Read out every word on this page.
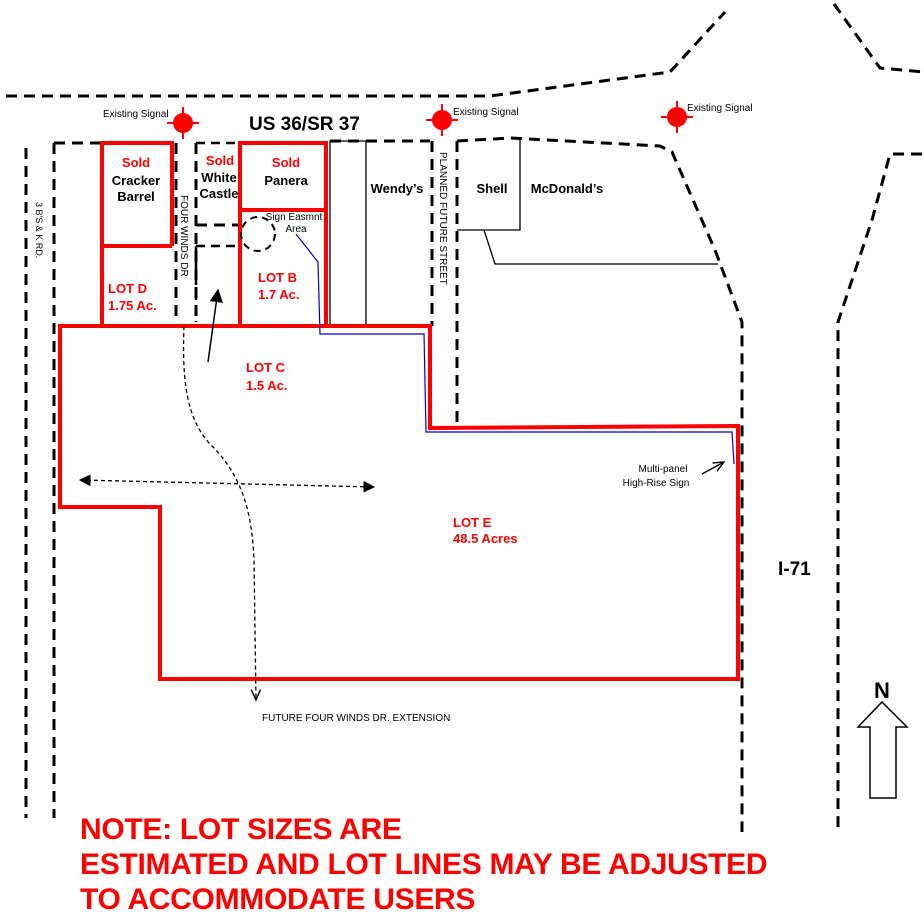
N
US 36/SR 37
Existing Signal	Existing Signal	Existing Signal
3 B'S & K RD.	FOUR WINDS DR	PLANNED FUTURE STREET
Sold
Cracker
Barrel
Sold
White
Castle
Sold
Panera
Sign Easmnt
Area
Wendy’s	Shell McDonald’s
LOT D
1.75 Ac.
LOT B
1.7 Ac.
LOT C
1.5 Ac.
LOT E
48.5 Acres
Multi-panel
High-Rise Sign
FUTURE FOUR WINDS DR. EXTENSION
I-71
NOTE: LOT SIZES ARE
ESTIMATED AND LOT LINES MAY BE ADJUSTED
TO ACCOMMODATE USERS
